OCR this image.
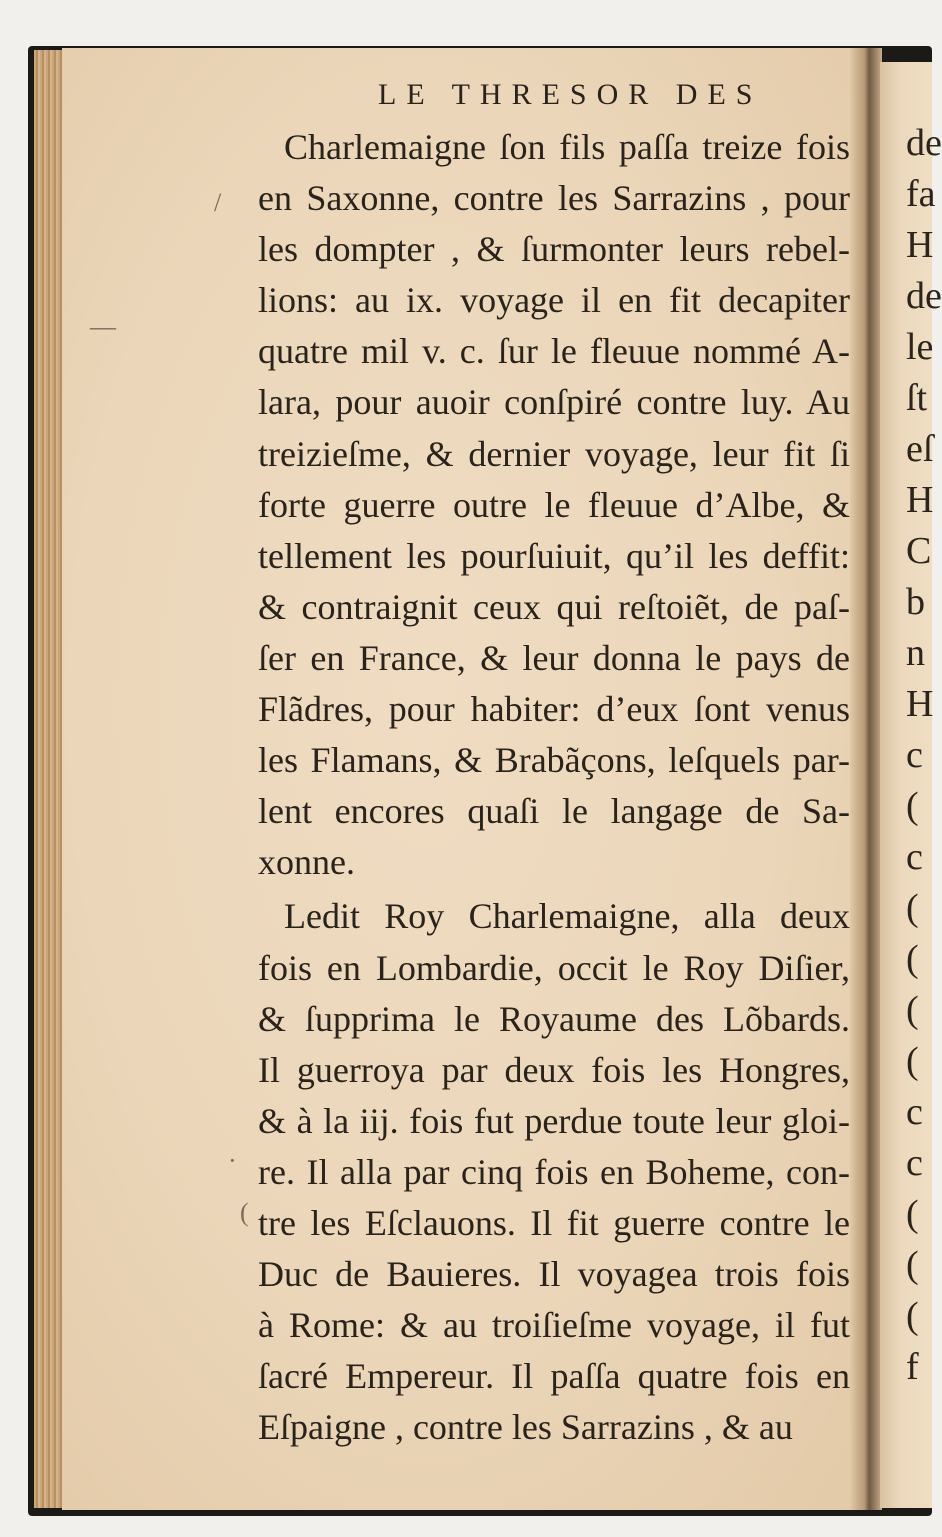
de
fa
H
de
le
ſt
eſ
H
C
b
n
H
c
(
c
(
(
(
(
c
c
(
(
(
f
LE THRESOR DES
Charlemaigne ſon fils paſſa treize fois
en Saxonne, contre les Sarrazins , pour
les dompter , & ſurmonter leurs rebel-
lions: au ix. voyage il en fit decapiter
quatre mil v. c. ſur le fleuue nommé A-
lara, pour auoir conſpiré contre luy. Au
treizieſme, & dernier voyage, leur fit ſi
forte guerre outre le fleuue d’Albe, &
tellement les pourſuiuit, qu’il les deffit:
& contraignit ceux qui reſtoiẽt, de paſ-
ſer en France, & leur donna le pays de
Flãdres, pour habiter: d’eux ſont venus
les Flamans, & Brabãçons, leſquels par-
lent encores quaſi le langage de Sa-
xonne.
Ledit Roy Charlemaigne, alla deux
fois en Lombardie, occit le Roy Diſier,
& ſupprima le Royaume des Lõbards.
Il guerroya par deux fois les Hongres,
& à la iij. fois fut perdue toute leur gloi-
re. Il alla par cinq fois en Boheme, con-
tre les Eſclauons. Il fit guerre contre le
Duc de Bauieres. Il voyagea trois fois
à Rome: & au troiſieſme voyage, il fut
ſacré Empereur. Il paſſa quatre fois en
Eſpaigne , contre les Sarrazins , & au
/
—
·
(
